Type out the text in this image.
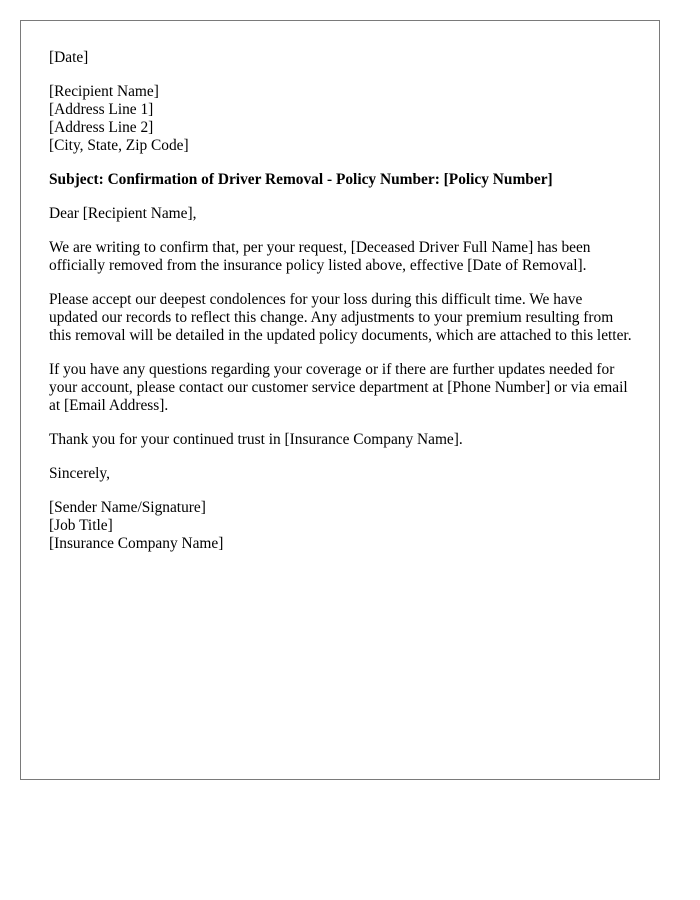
[Date]
[Recipient Name]
[Address Line 1]
[Address Line 2]
[City, State, Zip Code]
Subject: Confirmation of Driver Removal - Policy Number: [Policy Number]

Dear [Recipient Name],

We are writing to confirm that, per your request, [Deceased Driver Full Name] has been officially removed from the insurance policy listed above, effective [Date of Removal].

Please accept our deepest condolences for your loss during this difficult time. We have updated our records to reflect this change. Any adjustments to your premium resulting from this removal will be detailed in the updated policy documents, which are attached to this letter.

If you have any questions regarding your coverage or if there are further updates needed for your account, please contact our customer service department at [Phone Number] or via email at [Email Address].

Thank you for your continued trust in [Insurance Company Name].

Sincerely,

[Sender Name/Signature]
[Job Title]
[Insurance Company Name]
